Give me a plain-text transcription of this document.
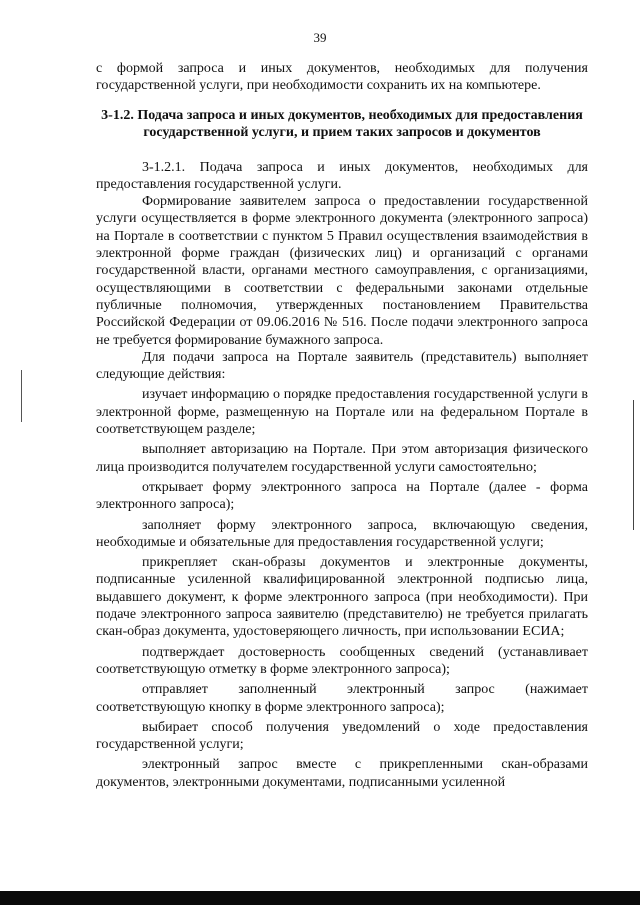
39

с формой запроса и иных документов, необходимых для получения государственной услуги, при необходимости сохранить их на компьютере.

3-1.2. Подача запроса и иных документов, необходимых для предоставления государственной услуги, и прием таких запросов и документов

3-1.2.1. Подача запроса и иных документов, необходимых для предоставления государственной услуги.

Формирование заявителем запроса о предоставлении государственной услуги осуществляется в форме электронного документа (электронного запроса) на Портале в соответствии с пунктом 5 Правил осуществления взаимодействия в электронной форме граждан (физических лиц) и организаций с органами государственной власти, органами местного самоуправления, с организациями, осуществляющими в соответствии с федеральными законами отдельные публичные полномочия, утвержденных постановлением Правительства Российской Федерации от 09.06.2016 № 516. После подачи электронного запроса не требуется формирование бумажного запроса.

Для подачи запроса на Портале заявитель (представитель) выполняет следующие действия:

изучает информацию о порядке предоставления государственной услуги в электронной форме, размещенную на Портале или на федеральном Портале в соответствующем разделе;

выполняет авторизацию на Портале. При этом авторизация физического лица производится получателем государственной услуги самостоятельно;

открывает форму электронного запроса на Портале (далее - форма электронного запроса);

заполняет форму электронного запроса, включающую сведения, необходимые и обязательные для предоставления государственной услуги;

прикрепляет скан-образы документов и электронные документы, подписанные усиленной квалифицированной электронной подписью лица, выдавшего документ, к форме электронного запроса (при необходимости). При подаче электронного запроса заявителю (представителю) не требуется прилагать скан-образ документа, удостоверяющего личность, при использовании ЕСИА;

подтверждает достоверность сообщенных сведений (устанавливает соответствующую отметку в форме электронного запроса);

отправляет заполненный электронный запрос (нажимает соответствующую кнопку в форме электронного запроса);

выбирает способ получения уведомлений о ходе предоставления государственной услуги;

электронный запрос вместе с прикрепленными скан-образами документов, электронными документами, подписанными усиленной
